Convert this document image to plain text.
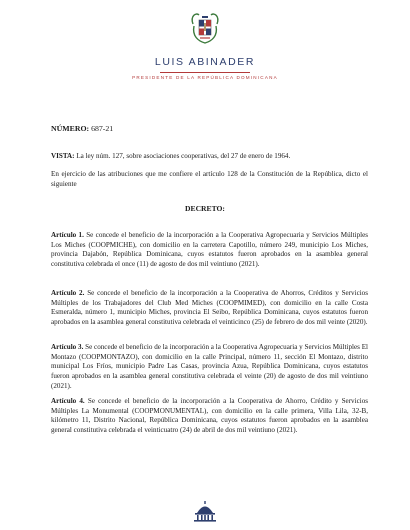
LUIS ABINADER
PRESIDENTE DE LA REPÚBLICA DOMINICANA
NÚMERO: 687-21

VISTA: La ley núm. 127, sobre asociaciones cooperativas, del 27 de enero de 1964.

En ejercicio de las atribuciones que me confiere el artículo 128 de la Constitución de la República, dicto el siguiente

DECRETO:

Artículo 1. Se concede el beneficio de la incorporación a la Cooperativa Agropecuaria y Servicios Múltiples Los Miches (COOPMICHE), con domicilio en la carretera Capotillo, número 249, municipio Los Miches, provincia Dajabón, República Dominicana, cuyos estatutos fueron aprobados en la asamblea general constitutiva celebrada el once (11) de agosto de dos mil veintiuno (2021).

Artículo 2. Se concede el beneficio de la incorporación a la Cooperativa de Ahorros, Créditos y Servicios Múltiples de los Trabajadores del Club Med Miches (COOPMIMED), con domicilio en la calle Costa Esmeralda, número 1, municipio Miches, provincia El Seibo, República Dominicana, cuyos estatutos fueron aprobados en la asamblea general constitutiva celebrada el veinticinco (25) de febrero de dos mil veinte (2020).

Artículo 3. Se concede el beneficio de la incorporación a la Cooperativa Agropecuaria y Servicios Múltiples El Montazo (COOPMONTAZO), con domicilio en la calle Principal, número 11, sección El Montazo, distrito municipal Los Fríos, municipio Padre Las Casas, provincia Azua, República Dominicana, cuyos estatutos fueron aprobados en la asamblea general constitutiva celebrada el veinte (20) de agosto de dos mil veintiuno (2021).

Artículo 4. Se concede el beneficio de la incorporación a la Cooperativa de Ahorro, Crédito y Servicios Múltiples La Monumental (COOPMONUMENTAL), con domicilio en la calle primera, Villa Lila, 32-B, kilómetro 11, Distrito Nacional, República Dominicana, cuyos estatutos fueron aprobados en la asamblea general constitutiva celebrada el veinticuatro (24) de abril de dos mil veintiuno (2021).
